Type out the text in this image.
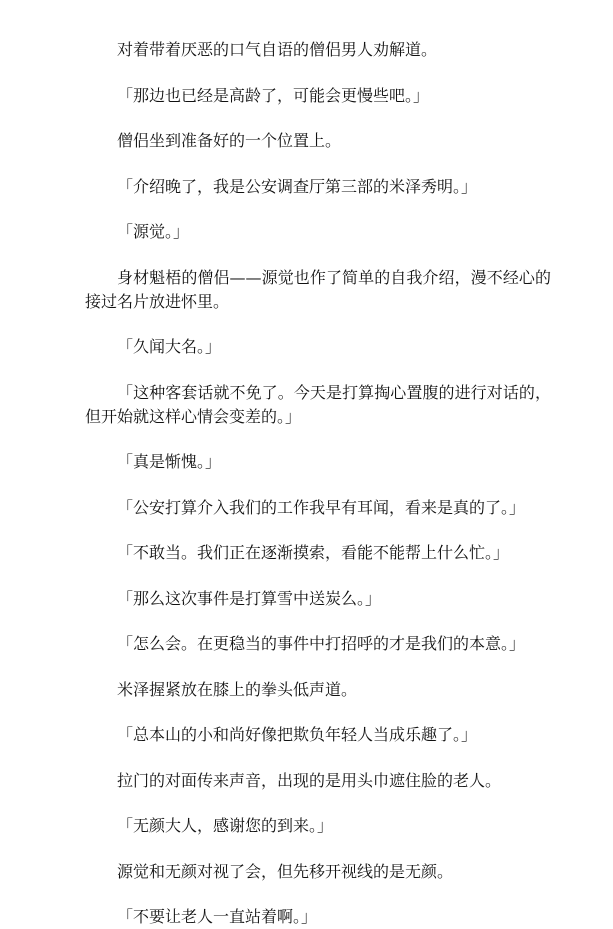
对着带着厌恶的口气自语的僧侣男人劝解道。

「那边也已经是高龄了，可能会更慢些吧。」

僧侣坐到准备好的一个位置上。

「介绍晚了，我是公安调查厅第三部的米泽秀明。」

「源觉。」

身材魁梧的僧侣——源觉也作了简单的自我介绍，漫不经心的接过名片放进怀里。

「久闻大名。」

「这种客套话就不免了。今天是打算掏心置腹的进行对话的，但开始就这样心情会变差的。」

「真是惭愧。」

「公安打算介入我们的工作我早有耳闻，看来是真的了。」

「不敢当。我们正在逐渐摸索，看能不能帮上什么忙。」

「那么这次事件是打算雪中送炭么。」

「怎么会。在更稳当的事件中打招呼的才是我们的本意。」

米泽握紧放在膝上的拳头低声道。

「总本山的小和尚好像把欺负年轻人当成乐趣了。」

拉门的对面传来声音，出现的是用头巾遮住脸的老人。

「无颜大人，感谢您的到来。」

源觉和无颜对视了会，但先移开视线的是无颜。

「不要让老人一直站着啊。」
